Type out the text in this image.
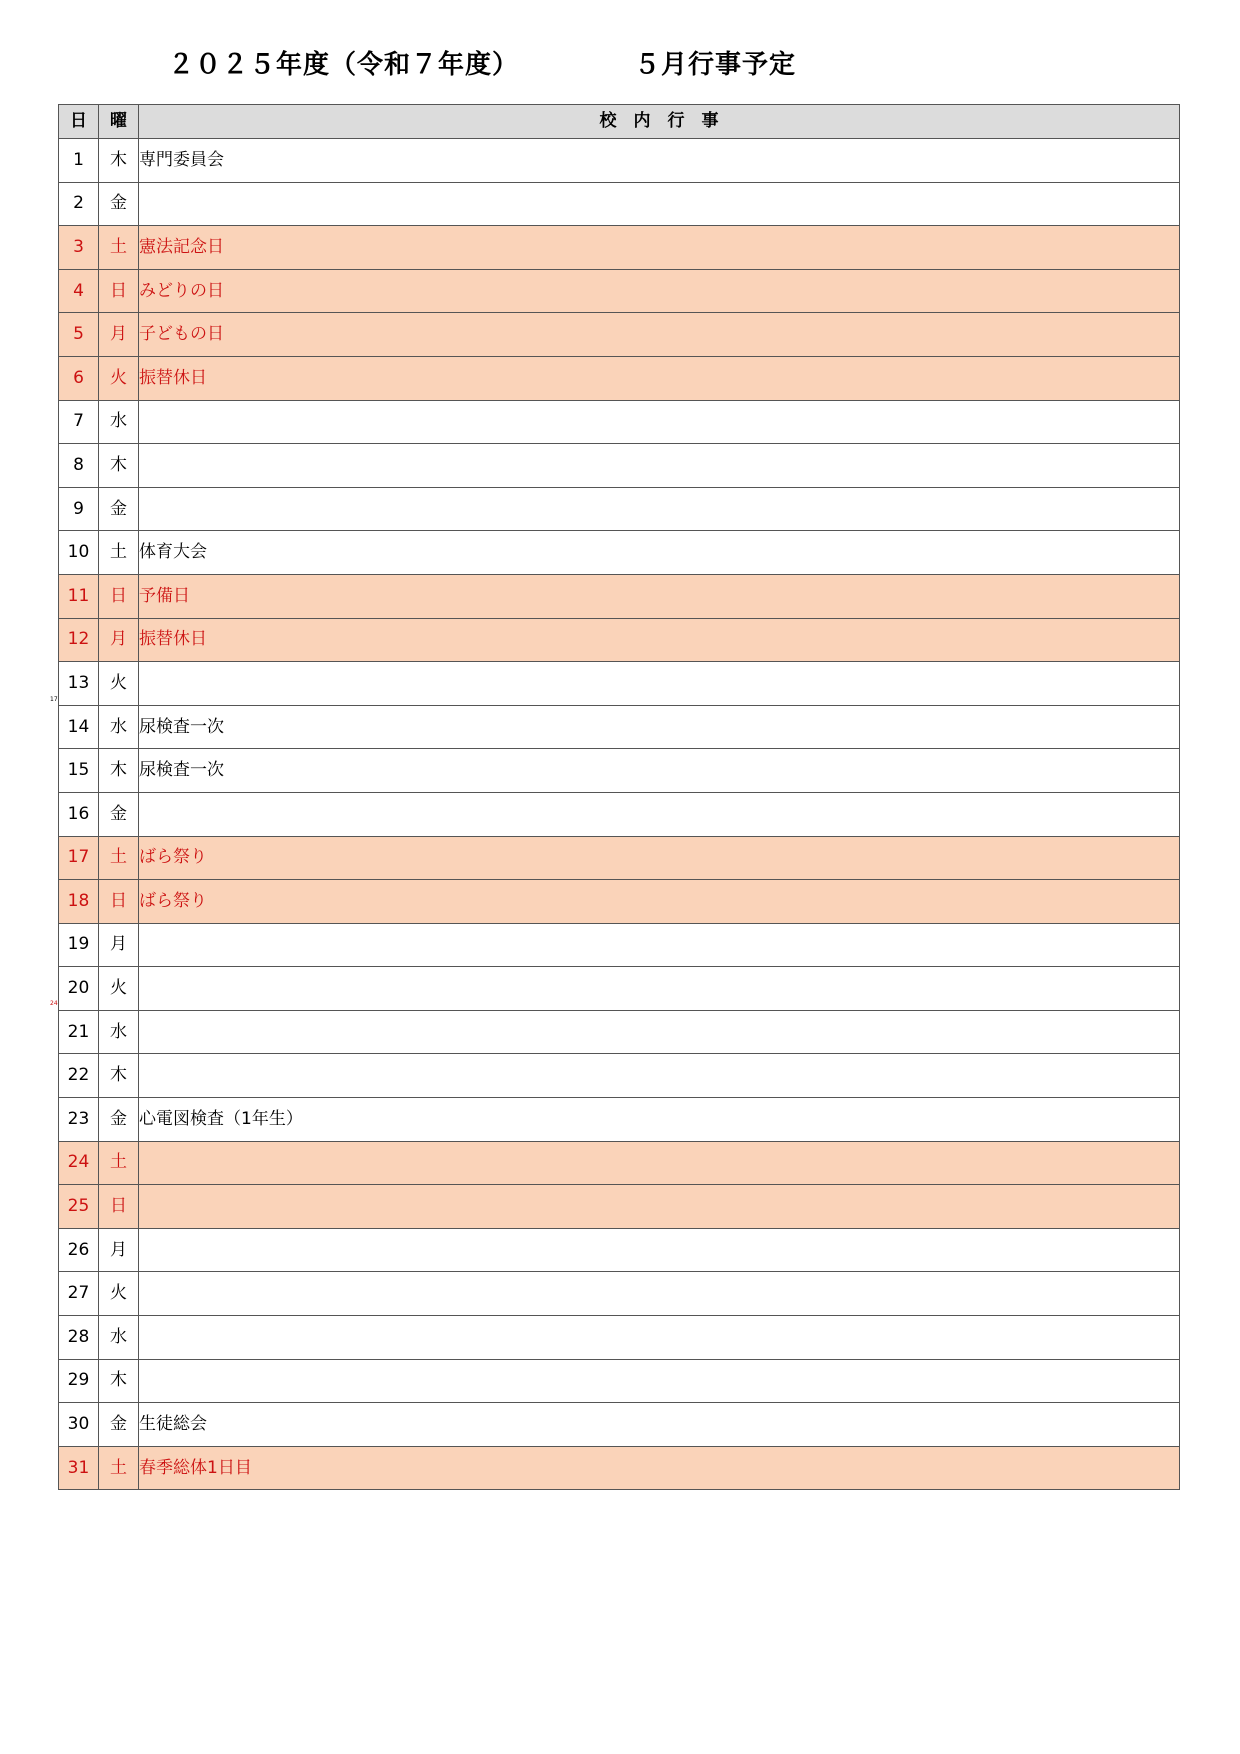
２０２５年度（令和７年度）	５月行事予定
17
24
日	曜	校　内　行　事
1	木	専門委員会
2	金	
3	土	憲法記念日
4	日	みどりの日
5	月	子どもの日
6	火	振替休日
7	水	
8	木	
9	金	
10	土	体育大会
11	日	予備日
12	月	振替休日
13	火	
14	水	尿検査一次
15	木	尿検査一次
16	金	
17	土	ばら祭り
18	日	ばら祭り
19	月	
20	火	
21	水	
22	木	
23	金	心電図検査（1年生）
24	土	
25	日	
26	月	
27	火	
28	水	
29	木	
30	金	生徒総会
31	土	春季総体1日目
